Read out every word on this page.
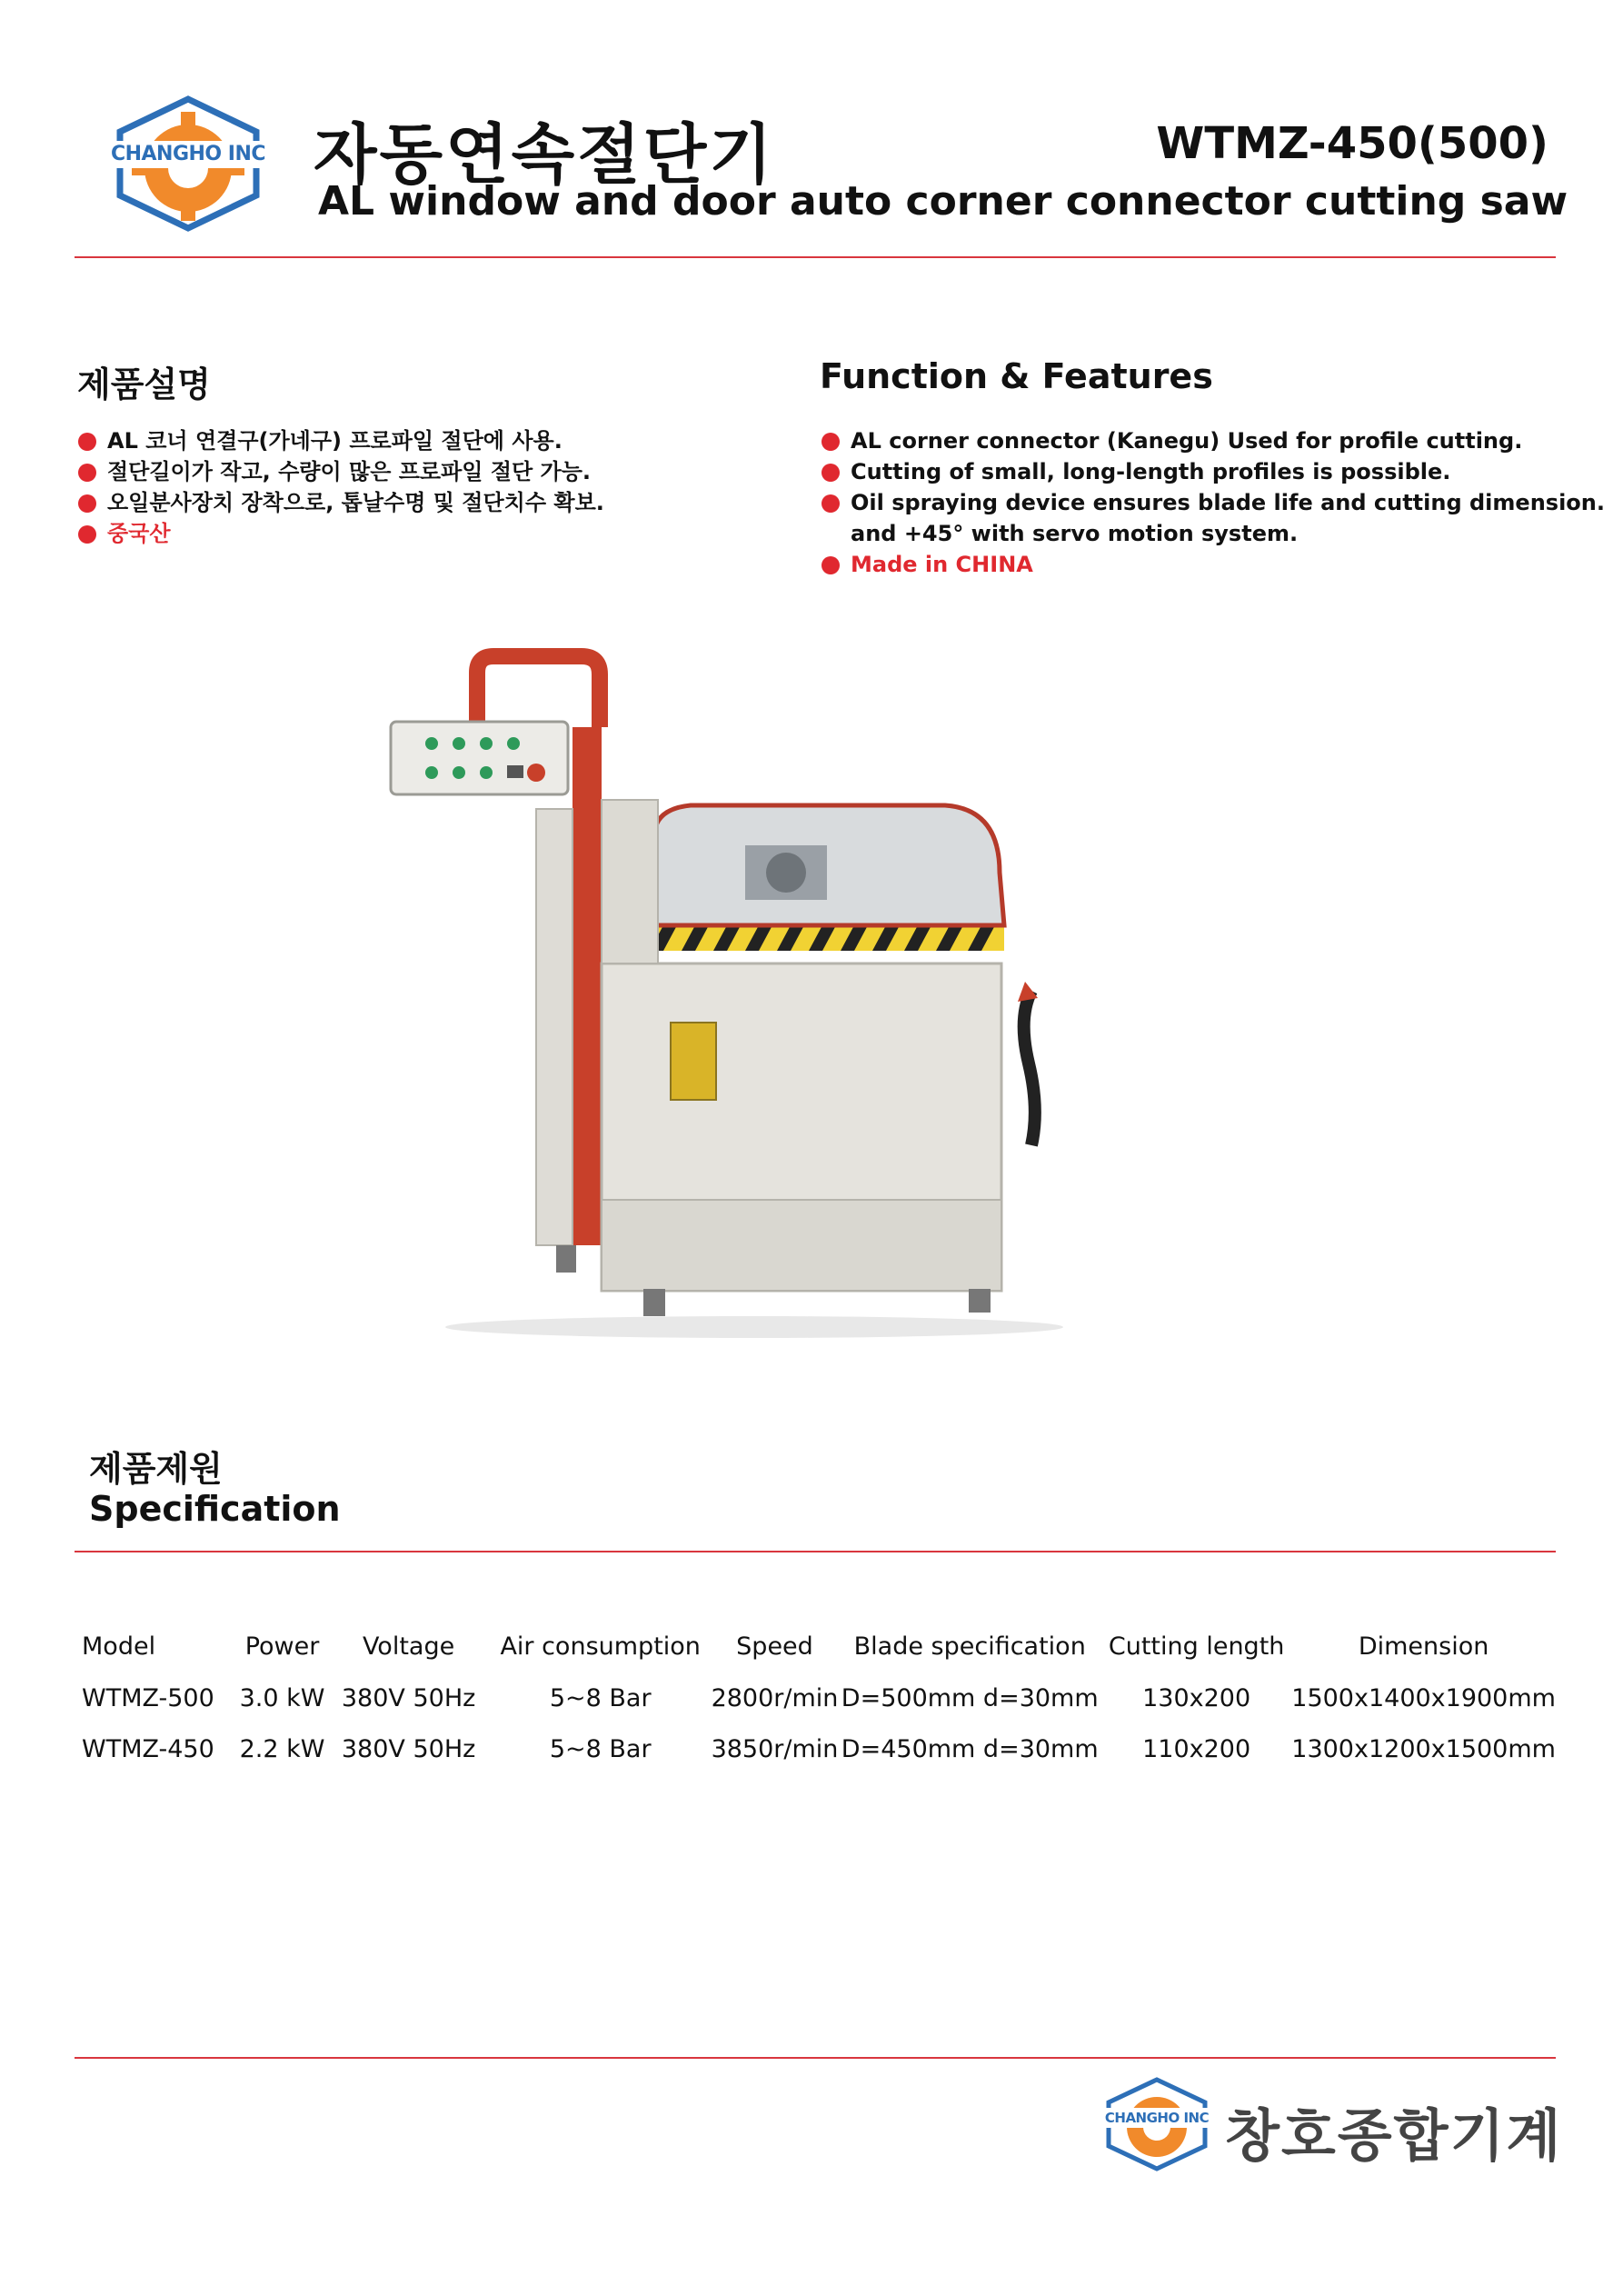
CHANGHO INC 자동연속절단기	WTMZ-450(500)
AL window and door auto corner connector cutting saw
제품설명
AL 코너 연결구(가네구) 프로파일 절단에 사용.
절단길이가 작고, 수량이 많은 프로파일 절단 가능.
오일분사장치 장착으로, 톱날수명 및 절단치수 확보.
중국산
Function & Features
AL corner connector (Kanegu) Used for profile cutting.
Cutting of small, long-length profiles is possible.
Oil spraying device ensures blade life and cutting dimension.
and +45° with servo motion system.
Made in CHINA
제품제원
Specification
Model	Power	Voltage	Air consumption	Speed	Blade specification	Cutting length	Dimension
WTMZ-500	3.0 kW	380V 50Hz	5~8 Bar	2800r/min	D=500mm d=30mm	130x200	1500x1400x1900mm
WTMZ-450	2.2 kW	380V 50Hz	5~8 Bar	3850r/min	D=450mm d=30mm	110x200	1300x1200x1500mm
CHANGHO INC 창호종합기계
